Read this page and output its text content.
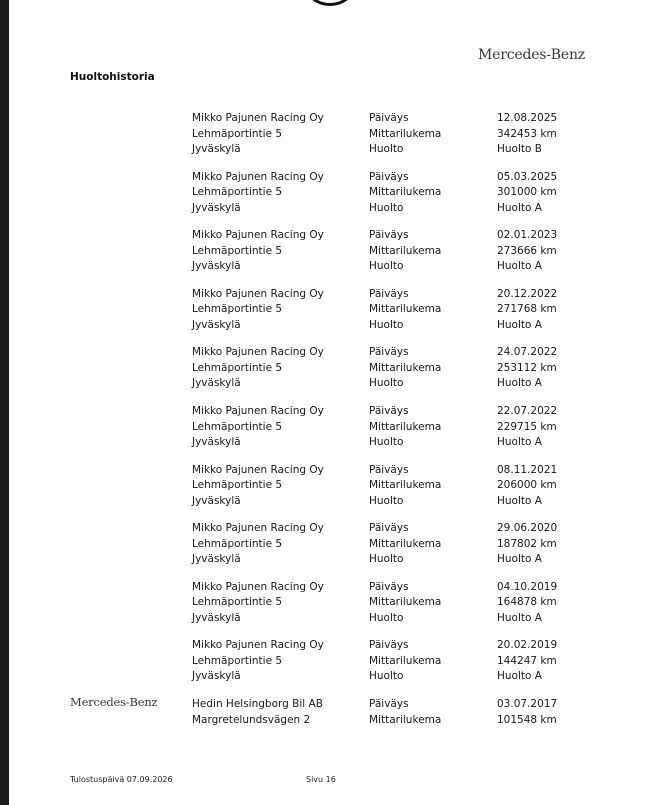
Mercedes-Benz
Huoltohistoria
Mikko Pajunen Racing Oy
Lehmäportintie 5
Jyväskylä
Päiväys
Mittarilukema
Huolto
12.08.2025
342453 km
Huolto B
Mikko Pajunen Racing Oy
Lehmäportintie 5
Jyväskylä
Päiväys
Mittarilukema
Huolto
05.03.2025
301000 km
Huolto A
Mikko Pajunen Racing Oy
Lehmäportintie 5
Jyväskylä
Päiväys
Mittarilukema
Huolto
02.01.2023
273666 km
Huolto A
Mikko Pajunen Racing Oy
Lehmäportintie 5
Jyväskylä
Päiväys
Mittarilukema
Huolto
20.12.2022
271768 km
Huolto A
Mikko Pajunen Racing Oy
Lehmäportintie 5
Jyväskylä
Päiväys
Mittarilukema
Huolto
24.07.2022
253112 km
Huolto A
Mikko Pajunen Racing Oy
Lehmäportintie 5
Jyväskylä
Päiväys
Mittarilukema
Huolto
22.07.2022
229715 km
Huolto A
Mikko Pajunen Racing Oy
Lehmäportintie 5
Jyväskylä
Päiväys
Mittarilukema
Huolto
08.11.2021
206000 km
Huolto A
Mikko Pajunen Racing Oy
Lehmäportintie 5
Jyväskylä
Päiväys
Mittarilukema
Huolto
29.06.2020
187802 km
Huolto A
Mikko Pajunen Racing Oy
Lehmäportintie 5
Jyväskylä
Päiväys
Mittarilukema
Huolto
04.10.2019
164878 km
Huolto A
Mikko Pajunen Racing Oy
Lehmäportintie 5
Jyväskylä
Päiväys
Mittarilukema
Huolto
20.02.2019
144247 km
Huolto A
Hedin Helsingborg Bil AB
Margretelundsvägen 2
Päiväys
Mittarilukema
03.07.2017
101548 km
Mercedes-Benz
Tulostuspäivä 07.09.2026	Sivu 16
